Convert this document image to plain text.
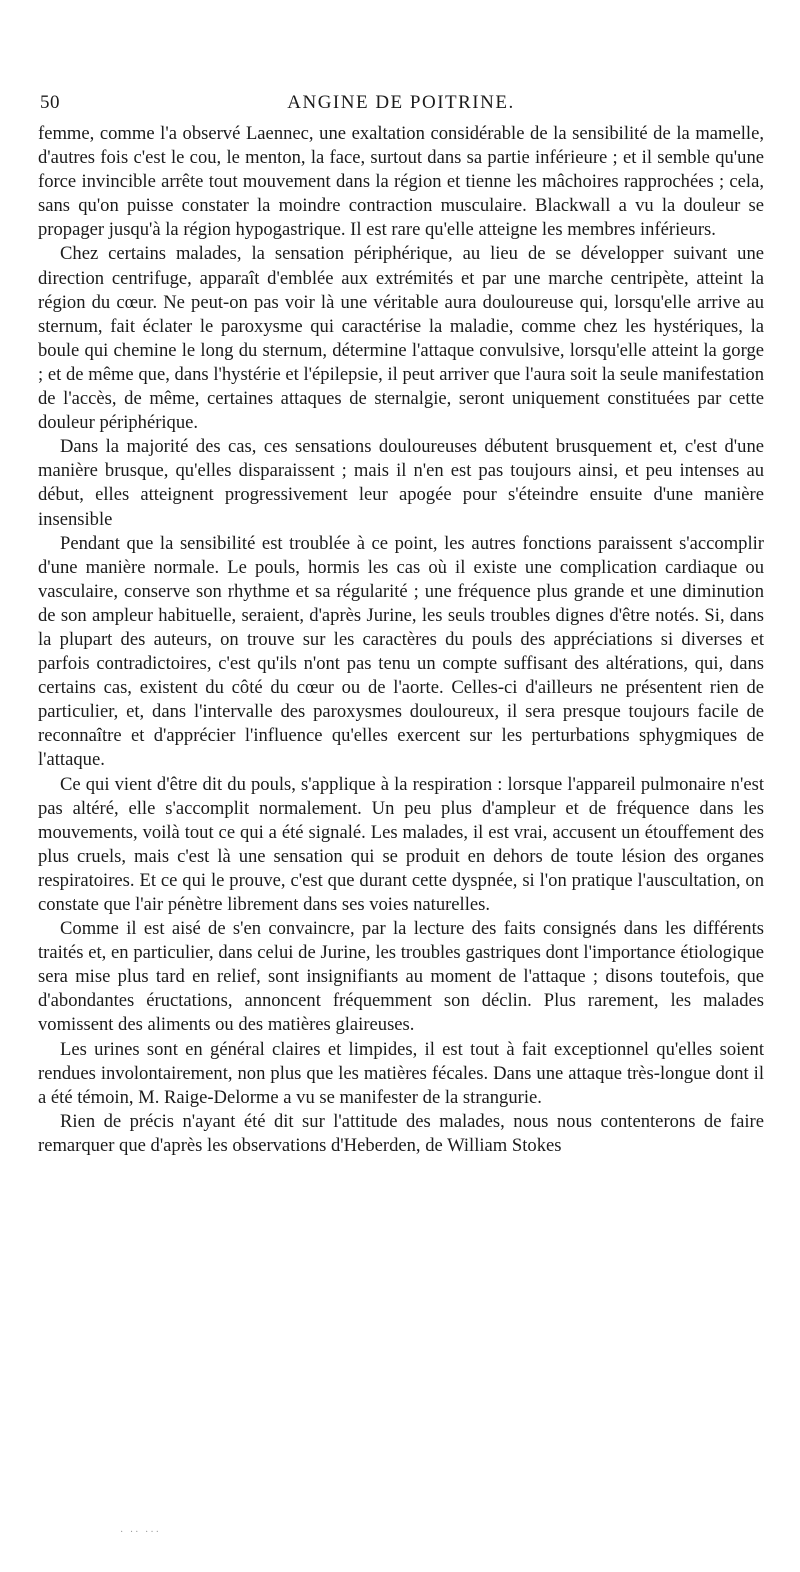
50	ANGINE DE POITRINE.

femme, comme l'a observé Laennec, une exaltation considérable de la sensibilité de la mamelle, d'autres fois c'est le cou, le menton, la face, surtout dans sa partie inférieure ; et il semble qu'une force invincible arrête tout mouvement dans la région et tienne les mâchoires rapprochées ; cela, sans qu'on puisse constater la moindre contraction musculaire. Blackwall a vu la douleur se propager jusqu'à la région hypogastrique. Il est rare qu'elle atteigne les membres inférieurs.

Chez certains malades, la sensation périphérique, au lieu de se développer suivant une direction centrifuge, apparaît d'emblée aux extrémités et par une marche centripète, atteint la région du cœur. Ne peut-on pas voir là une véritable aura douloureuse qui, lorsqu'elle arrive au sternum, fait éclater le paroxysme qui caractérise la maladie, comme chez les hystériques, la boule qui chemine le long du sternum, détermine l'attaque convulsive, lorsqu'elle atteint la gorge ; et de même que, dans l'hystérie et l'épilepsie, il peut arriver que l'aura soit la seule manifestation de l'accès, de même, certaines attaques de sternalgie, seront uniquement constituées par cette douleur périphérique.

Dans la majorité des cas, ces sensations douloureuses débutent brusquement et, c'est d'une manière brusque, qu'elles disparaissent ; mais il n'en est pas toujours ainsi, et peu intenses au début, elles atteignent progressivement leur apogée pour s'éteindre ensuite d'une manière insensible

Pendant que la sensibilité est troublée à ce point, les autres fonctions paraissent s'accomplir d'une manière normale. Le pouls, hormis les cas où il existe une complication cardiaque ou vasculaire, conserve son rhythme et sa régularité ; une fréquence plus grande et une diminution de son ampleur habituelle, seraient, d'après Jurine, les seuls troubles dignes d'être notés. Si, dans la plupart des auteurs, on trouve sur les caractères du pouls des appréciations si diverses et parfois contradictoires, c'est qu'ils n'ont pas tenu un compte suffisant des altérations, qui, dans certains cas, existent du côté du cœur ou de l'aorte. Celles-ci d'ailleurs ne présentent rien de particulier, et, dans l'intervalle des paroxysmes douloureux, il sera presque toujours facile de reconnaître et d'apprécier l'influence qu'elles exercent sur les perturbations sphygmiques de l'attaque.

Ce qui vient d'être dit du pouls, s'applique à la respiration : lorsque l'appareil pulmonaire n'est pas altéré, elle s'accomplit normalement. Un peu plus d'ampleur et de fréquence dans les mouvements, voilà tout ce qui a été signalé. Les malades, il est vrai, accusent un étouffement des plus cruels, mais c'est là une sensation qui se produit en dehors de toute lésion des organes respiratoires. Et ce qui le prouve, c'est que durant cette dyspnée, si l'on pratique l'auscultation, on constate que l'air pénètre librement dans ses voies naturelles.

Comme il est aisé de s'en convaincre, par la lecture des faits consignés dans les différents traités et, en particulier, dans celui de Jurine, les troubles gastriques dont l'importance étiologique sera mise plus tard en relief, sont insignifiants au moment de l'attaque ; disons toutefois, que d'abondantes éructations, annoncent fréquemment son déclin. Plus rarement, les malades vomissent des aliments ou des matières glaireuses.

Les urines sont en général claires et limpides, il est tout à fait exceptionnel qu'elles soient rendues involontairement, non plus que les matières fécales. Dans une attaque très-longue dont il a été témoin, M. Raige-Delorme a vu se manifester de la strangurie.

Rien de précis n'ayant été dit sur l'attitude des malades, nous nous contenterons de faire remarquer que d'après les observations d'Heberden, de William Stokes

· ·· ···
